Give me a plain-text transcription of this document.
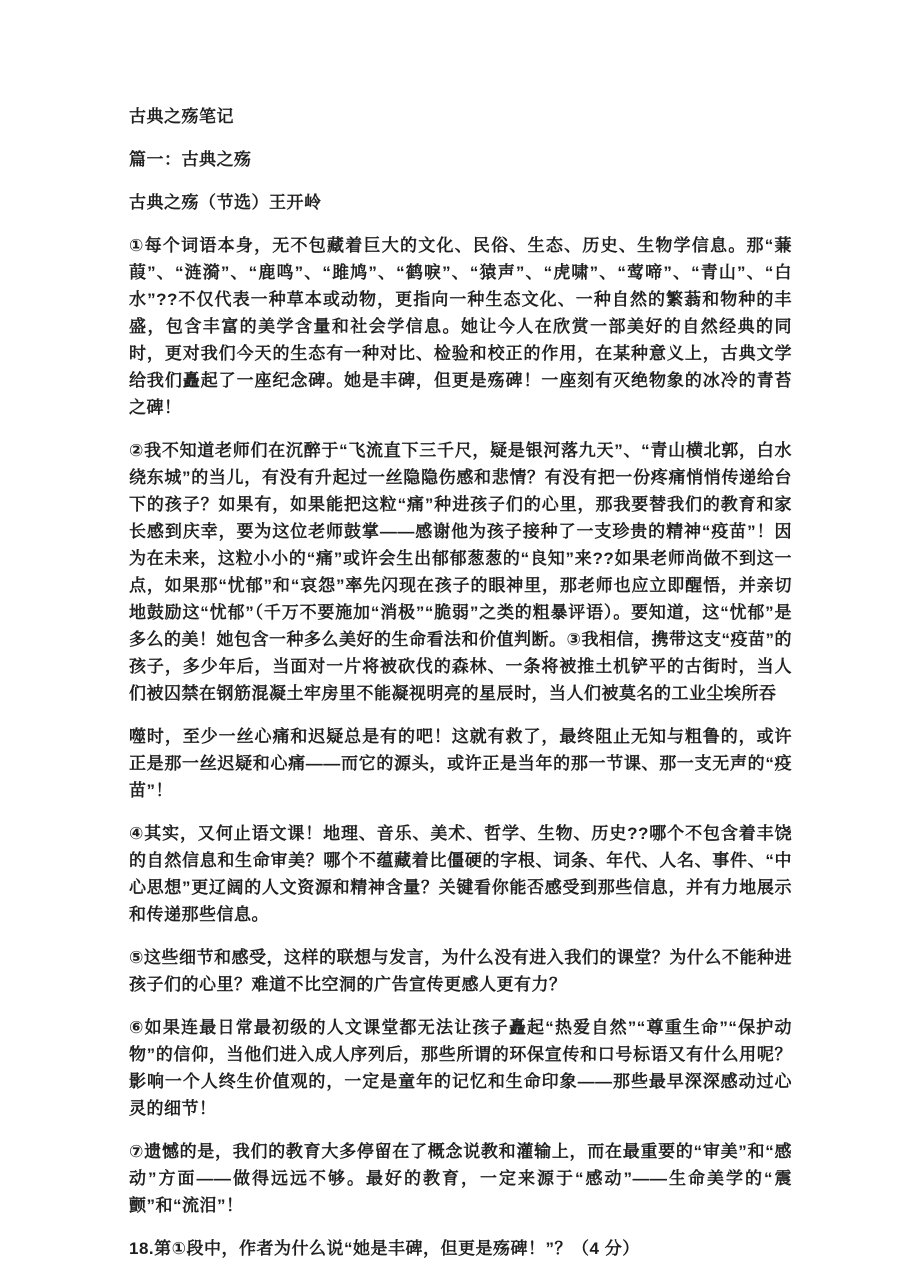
古典之殇笔记

篇一：古典之殇

古典之殇（节选）王开岭

①每个词语本身，无不包藏着巨大的文化、民俗、生态、历史、生物学信息。那“蒹葭”、“涟漪”、“鹿鸣”、“雎鸠”、“鹤唳”、“猿声”、“虎啸”、“莺啼”、“青山”、“白水”??不仅代表一种草本或动物，更指向一种生态文化、一种自然的繁蓊和物种的丰盛，包含丰富的美学含量和社会学信息。她让今人在欣赏一部美好的自然经典的同时，更对我们今天的生态有一种对比、检验和校正的作用，在某种意义上，古典文学给我们矗起了一座纪念碑。她是丰碑，但更是殇碑！一座刻有灭绝物象的冰冷的青苔之碑！

②我不知道老师们在沉醉于“飞流直下三千尺，疑是银河落九天”、“青山横北郭，白水绕东城”的当儿，有没有升起过一丝隐隐伤感和悲情？有没有把一份疼痛悄悄传递给台下的孩子？如果有，如果能把这粒“痛”种进孩子们的心里，那我要替我们的教育和家长感到庆幸，要为这位老师鼓掌——感谢他为孩子接种了一支珍贵的精神“疫苗”！因为在未来，这粒小小的“痛”或许会生出郁郁葱葱的“良知”来??如果老师尚做不到这一点，如果那“忧郁”和“哀怨”率先闪现在孩子的眼神里，那老师也应立即醒悟，并亲切地鼓励这“忧郁”（千万不要施加“消极”“脆弱”之类的粗暴评语）。要知道，这“忧郁”是多么的美！她包含一种多么美好的生命看法和价值判断。③我相信，携带这支“疫苗”的孩子，多少年后，当面对一片将被砍伐的森林、一条将被推土机铲平的古街时，当人们被囚禁在钢筋混凝土牢房里不能凝视明亮的星辰时，当人们被莫名的工业尘埃所吞

噬时，至少一丝心痛和迟疑总是有的吧！这就有救了，最终阻止无知与粗鲁的，或许正是那一丝迟疑和心痛——而它的源头，或许正是当年的那一节课、那一支无声的“疫苗”！

④其实，又何止语文课！地理、音乐、美术、哲学、生物、历史??哪个不包含着丰饶的自然信息和生命审美？哪个不蕴藏着比僵硬的字根、词条、年代、人名、事件、“中心思想”更辽阔的人文资源和精神含量？关键看你能否感受到那些信息，并有力地展示和传递那些信息。

⑤这些细节和感受，这样的联想与发言，为什么没有进入我们的课堂？为什么不能种进孩子们的心里？难道不比空洞的广告宣传更感人更有力？

⑥如果连最日常最初级的人文课堂都无法让孩子矗起“热爱自然”“尊重生命”“保护动物”的信仰，当他们进入成人序列后，那些所谓的环保宣传和口号标语又有什么用呢？影响一个人终生价值观的，一定是童年的记忆和生命印象——那些最早深深感动过心灵的细节！

⑦遗憾的是，我们的教育大多停留在了概念说教和灌输上，而在最重要的“审美”和“感动”方面——做得远远不够。最好的教育，一定来源于“感动”——生命美学的“震颤”和“流泪”！

18.第①段中，作者为什么说“她是丰碑，但更是殇碑！”？（4 分）
